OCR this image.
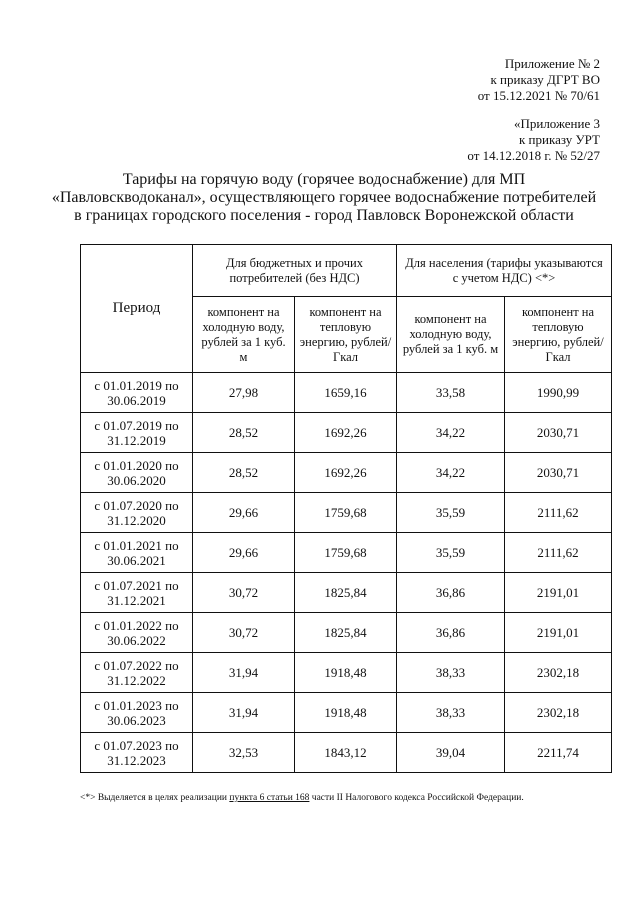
Приложение № 2
к приказу ДГРТ ВО
от 15.12.2021 № 70/61
«Приложение 3
к приказу УРТ
от 14.12.2018 г. № 52/27
Тарифы на горячую воду (горячее водоснабжение) для МП
«Павловскводоканал», осуществляющего горячее водоснабжение потребителей
в границах городского поселения - город Павловск Воронежской области
Период	Для бюджетных и прочих потребителей (без НДС)		Для населения (тарифы указываются с учетом НДС) <*>	
	компонент на холодную воду, рублей за 1 куб. м	компонент на тепловую энергию, рублей/Гкал	компонент на холодную воду, рублей за 1 куб. м	компонент на тепловую энергию, рублей/Гкал
с 01.01.2019 по 30.06.2019	27,98	1659,16	33,58	1990,99
с 01.07.2019 по 31.12.2019	28,52	1692,26	34,22	2030,71
с 01.01.2020 по 30.06.2020	28,52	1692,26	34,22	2030,71
с 01.07.2020 по 31.12.2020	29,66	1759,68	35,59	2111,62
с 01.01.2021 по 30.06.2021	29,66	1759,68	35,59	2111,62
с 01.07.2021 по 31.12.2021	30,72	1825,84	36,86	2191,01
с 01.01.2022 по 30.06.2022	30,72	1825,84	36,86	2191,01
с 01.07.2022 по 31.12.2022	31,94	1918,48	38,33	2302,18
с 01.01.2023 по 30.06.2023	31,94	1918,48	38,33	2302,18
с 01.07.2023 по 31.12.2023	32,53	1843,12	39,04	2211,74
<*> Выделяется в целях реализации пункта 6 статьи 168 части II Налогового кодекса Российской Федерации.
